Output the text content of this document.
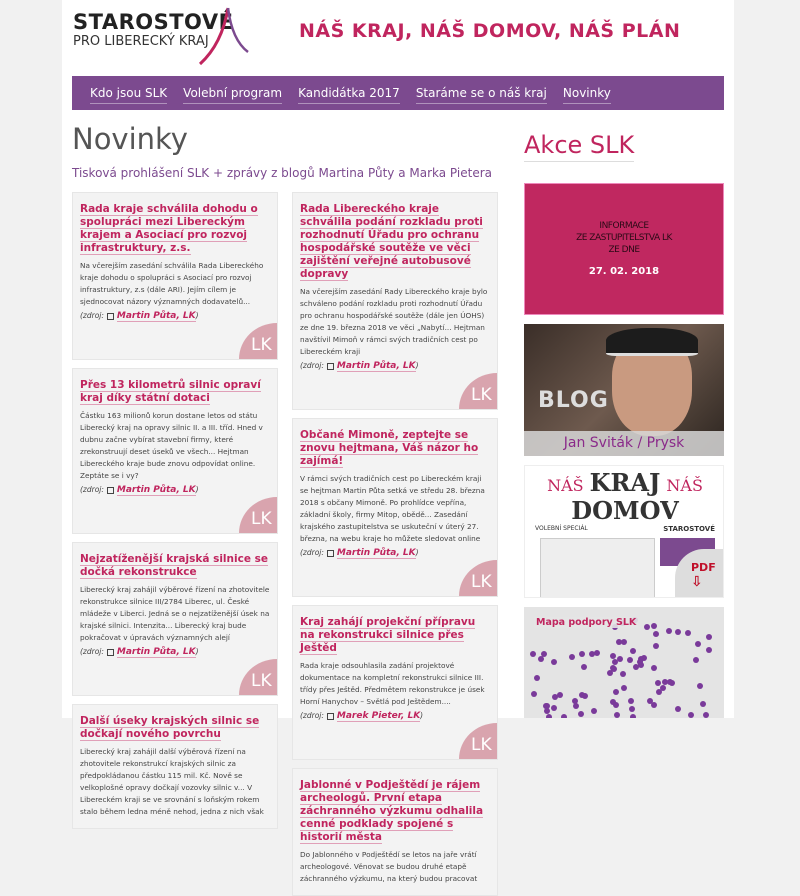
STAROSTOVÉ
PRO LIBERECKÝ KRAJ	NÁŠ KRAJ, NÁŠ DOMOV, NÁŠ PLÁN
Kdo jsou SLK Volební program Kandidátka 2017 Staráme se o náš kraj Novinky
Novinky
Tisková prohlášení SLK + zprávy z blogů Martina Půty a Marka Pietera
Rada kraje schválila dohodu o spolupráci mezi Libereckým krajem a Asociací pro rozvoj infrastruktury, z.s.

Na včerejším zasedání schválila Rada Libereckého kraje dohodu o spolupráci s Asociací pro rozvoj infrastruktury, z.s (dále ARI). Jejím cílem je sjednocovat názory významných dodavatelů...

(zdroj: Martin Půta, LK)
LK
Přes 13 kilometrů silnic opraví kraj díky státní dotaci

Částku 163 milionů korun dostane letos od státu Liberecký kraj na opravy silnic II. a III. tříd. Hned v dubnu začne vybírat stavební firmy, které zrekonstruují deset úseků ve všech... Hejtman Libereckého kraje bude znovu odpovídat online. Zeptáte se i vy?

(zdroj: Martin Půta, LK)
LK
Nejzatíženější krajská silnice se dočká rekonstrukce

Liberecký kraj zahájil výběrové řízení na zhotovitele rekonstrukce silnice III/2784 Liberec, ul. České mládeže v Liberci. Jedná se o nejzatíženější úsek na krajské silnici. Intenzita... Liberecký kraj bude pokračovat v úpravách významných alejí

(zdroj: Martin Půta, LK)
LK
Další úseky krajských silnic se dočkají nového povrchu

Liberecký kraj zahájil další výběrová řízení na zhotovitele rekonstrukcí krajských silnic za předpokládanou částku 115 mil. Kč. Nově se velkoplošné opravy dočkají vozovky silnic v... V Libereckém kraji se ve srovnání s loňským rokem stalo během ledna méně nehod, jedna z nich však

Rada Libereckého kraje schválila podání rozkladu proti rozhodnutí Úřadu pro ochranu hospodářské soutěže ve věci zajištění veřejné autobusové dopravy

Na včerejším zasedání Rady Libereckého kraje bylo schváleno podání rozkladu proti rozhodnutí Úřadu pro ochranu hospodářské soutěže (dále jen ÚOHS) ze dne 19. března 2018 ve věci „Nabytí... Hejtman navštívil Mimoň v rámci svých tradičních cest po Libereckém kraji

(zdroj: Martin Půta, LK)
LK
Občané Mimoně, zeptejte se znovu hejtmana, Váš názor ho zajímá!

V rámci svých tradičních cest po Libereckém kraji se hejtman Martin Půta setká ve středu 28. března 2018 s občany Mimoně. Po prohlídce vepřína, základní školy, firmy Mitop, obědě... Zasedání krajského zastupitelstva se uskuteční v úterý 27. března, na webu kraje ho můžete sledovat online

(zdroj: Martin Půta, LK)
LK
Kraj zahájí projekční přípravu na rekonstrukci silnice přes Ještěd

Rada kraje odsouhlasila zadání projektové dokumentace na kompletní rekonstrukci silnice III. třídy přes Ještěd. Předmětem rekonstrukce je úsek Horní Hanychov – Světlá pod Ještědem....

(zdroj: Marek Pieter, LK)
LK
Jablonné v Podještědí je rájem archeologů. První etapa záchranného výzkumu odhalila cenné podklady spojené s historií města

Do Jablonného v Podještědí se letos na jaře vrátí archeologové. Věnovat se budou druhé etapě záchranného výzkumu, na který budou pracovat

Akce SLK
INFORMACE
ZE ZASTUPITELSTVA LK
ZE DNE
27. 02. 2018
BLOG
Jan Sviták / Prysk
NÁŠ KRAJ NÁŠ
DOMOV
VOLEBNÍ SPECIÁL	STAROSTOVÉ
PDF
⇩
Mapa podpory SLK
